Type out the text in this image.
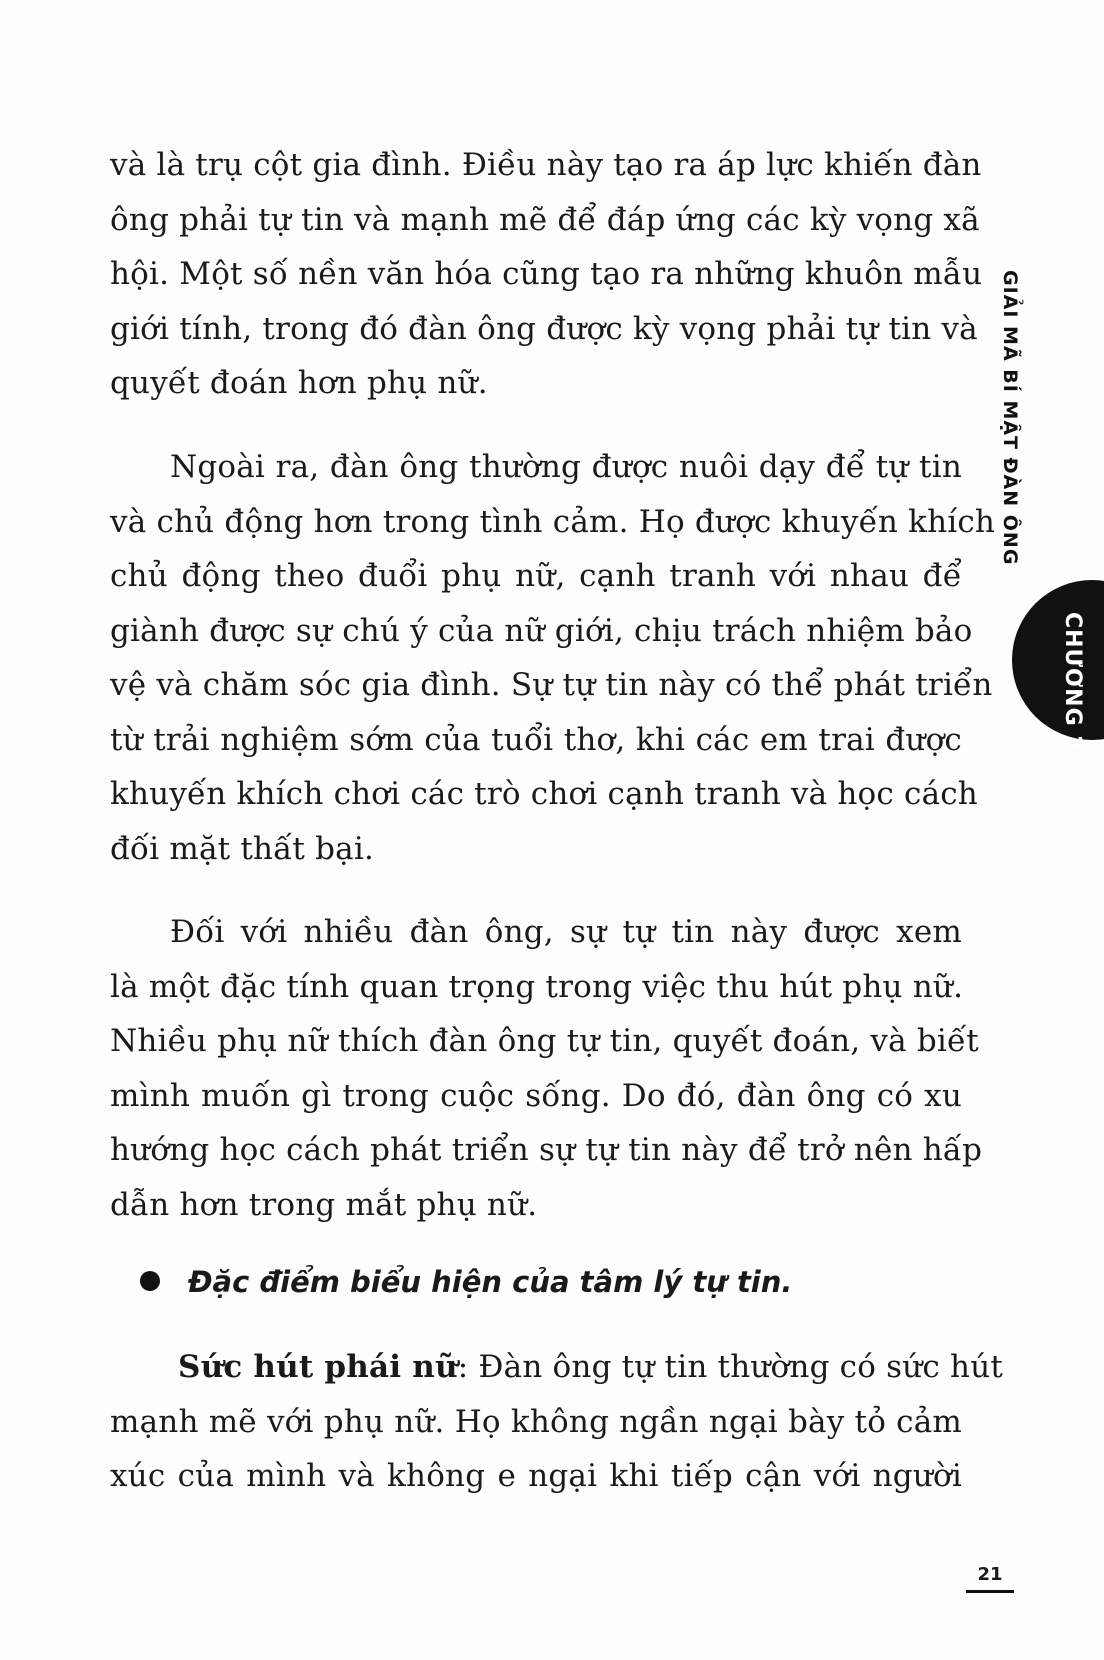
GIẢI MÃ BÍ MẬT ĐÀN ÔNG
CHƯƠNG 2
và là trụ cột gia đình. Điều này tạo ra áp lực khiến đàn
ông phải tự tin và mạnh mẽ để đáp ứng các kỳ vọng xã
hội. Một số nền văn hóa cũng tạo ra những khuôn mẫu
giới tính, trong đó đàn ông được kỳ vọng phải tự tin và
quyết đoán hơn phụ nữ.
Ngoài ra, đàn ông thường được nuôi dạy để tự tin
và chủ động hơn trong tình cảm. Họ được khuyến khích
chủ động theo đuổi phụ nữ, cạnh tranh với nhau để
giành được sự chú ý của nữ giới, chịu trách nhiệm bảo
vệ và chăm sóc gia đình. Sự tự tin này có thể phát triển
từ trải nghiệm sớm của tuổi thơ, khi các em trai được
khuyến khích chơi các trò chơi cạnh tranh và học cách
đối mặt thất bại.
Đối với nhiều đàn ông, sự tự tin này được xem
là một đặc tính quan trọng trong việc thu hút phụ nữ.
Nhiều phụ nữ thích đàn ông tự tin, quyết đoán, và biết
mình muốn gì trong cuộc sống. Do đó, đàn ông có xu
hướng học cách phát triển sự tự tin này để trở nên hấp
dẫn hơn trong mắt phụ nữ.
Đặc điểm biểu hiện của tâm lý tự tin.
Sức hút phái nữ: Đàn ông tự tin thường có sức hút
mạnh mẽ với phụ nữ. Họ không ngần ngại bày tỏ cảm
xúc của mình và không e ngại khi tiếp cận với người
21
